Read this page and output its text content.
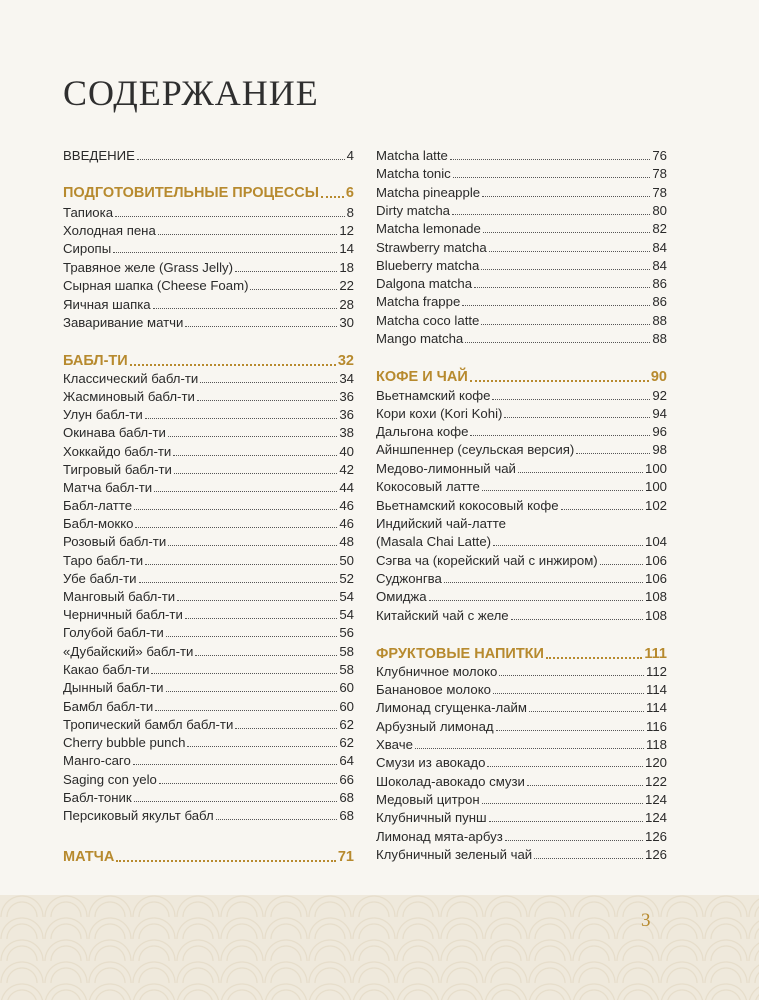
СОДЕРЖАНИЕ
ВВЕДЕНИЕ	4
ПОДГОТОВИТЕЛЬНЫЕ ПРОЦЕССЫ 6
Тапиока	8
Холодная пена	12
Сиропы	14
Травяное желе (Grass Jelly)	18
Сырная шапка (Cheese Foam)	22
Яичная шапка	28
Заваривание матчи	30
БАБЛ-ТИ	32
Классический бабл-ти	34
Жасминовый бабл-ти	36
Улун бабл-ти	36
Окинава бабл-ти	38
Хоккайдо бабл-ти	40
Тигровый бабл-ти	42
Матча бабл-ти	44
Бабл-латте	46
Бабл-мокко	46
Розовый бабл-ти	48
Таро бабл-ти	50
Убе бабл-ти	52
Манговый бабл-ти	54
Черничный бабл-ти	54
Голубой бабл-ти	56
«Дубайский» бабл-ти	58
Какао бабл-ти	58
Дынный бабл-ти	60
Бамбл бабл-ти	60
Тропический бамбл бабл-ти	62
Cherry bubble punch	62
Манго-саго	64
Saging con yelo	66
Бабл-тоник	68
Персиковый якульт бабл	68
МАТЧА	71
Matcha latte	76
Matcha tonic	78
Matcha pineapple	78
Dirty matcha	80
Matcha lemonade	82
Strawberry matcha	84
Blueberry matcha	84
Dalgona matcha	86
Matcha frappe	86
Matcha coco latte	88
Mango matcha	88
КОФЕ И ЧАЙ	90
Вьетнамский кофе	92
Кори кохи (Kori Kohi)	94
Дальгона кофе	96
Айншпеннер (сеульская версия)	98
Медово-лимонный чай	100
Кокосовый латте	100
Вьетнамский кокосовый кофе	102
Индийский чай-латте
(Masala Chai Latte)	104
Сэгва ча (корейский чай с инжиром)	106
Суджонгва	106
Омиджа	108
Китайский чай с желе	108
ФРУКТОВЫЕ НАПИТКИ	111
Клубничное молоко	112
Банановое молоко	114
Лимонад сгущенка-лайм	114
Арбузный лимонад	116
Хваче	118
Смузи из авокадо	120
Шоколад-авокадо смузи	122
Медовый цитрон	124
Клубничный пунш	124
Лимонад мята-арбуз	126
Клубничный зеленый чай	126
3
